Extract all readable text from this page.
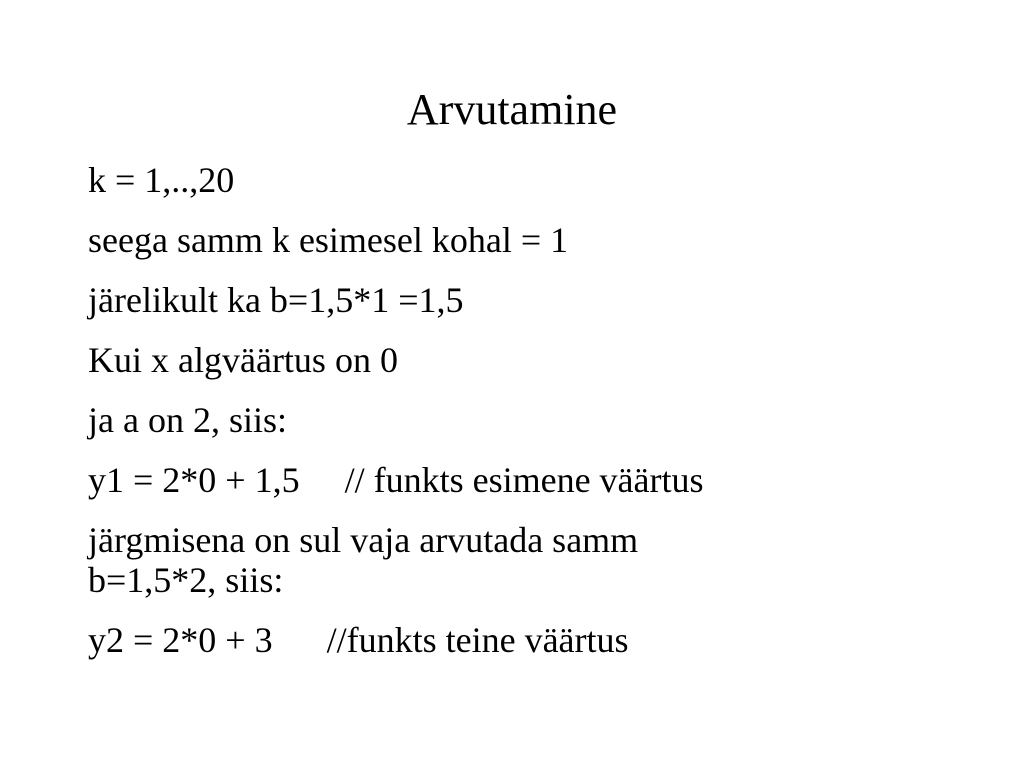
Arvutamine
k = 1,..,20
seega samm k esimesel kohal = 1
järelikult ka b=1,5*1 =1,5
Kui x algväärtus on 0
ja a on 2, siis:
y1 = 2*0 + 1,5     // funkts esimene väärtus
järgmisena on sul vaja arvutada samm
b=1,5*2, siis:
y2 = 2*0 + 3      //funkts teine väärtus
